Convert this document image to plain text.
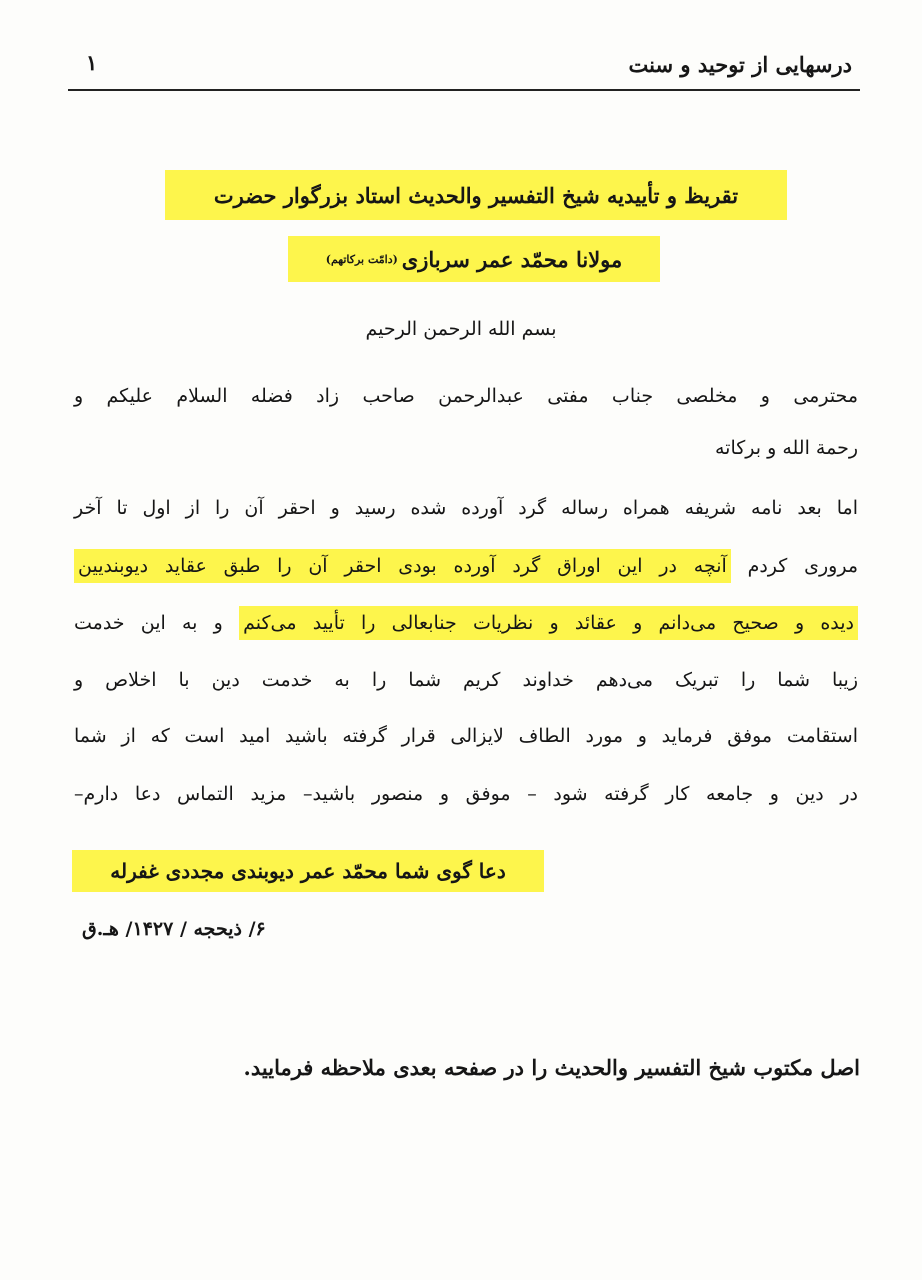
درسهایی از توحید و سنت
۱
تقریظ و تأییدیه شیخ التفسیر والحدیث استاد بزرگوار حضرت
مولانا محمّد عمر سربازی
(دامّت برکاتهم)
بسم الله الرحمن الرحیم
محترمی و مخلصی جناب مفتی عبدالرحمن صاحب زاد فضله السلام علیکم و
رحمة الله و برکاته
اما بعد نامه شریفه همراه رساله گرد آورده شده رسید و احقر آن را از اول تا آخر
مروری کردم آنچه در این اوراق گرد آورده بودی احقر آن را طبق عقاید دیوبندیین
دیده و صحیح می‌دانم و عقائد و نظریات جنابعالی را تأیید می‌کنم و به این خدمت
زیبا شما را تبریک می‌دهم خداوند کریم شما را به خدمت دین با اخلاص و
استقامت موفق فرماید و مورد الطاف لایزالی قرار گرفته باشید امید است که از شما
در دین و جامعه کار گرفته شود – موفق و منصور باشید– مزید التماس دعا دارم–
دعا گوی شما محمّد عمر دیوبندی مجددی غفرله
۶/ ذیحجه / ۱۴۲۷/ هـ.ق
اصل مکتوب شیخ التفسیر والحدیث را در صفحه بعدی ملاحظه فرمایید.
